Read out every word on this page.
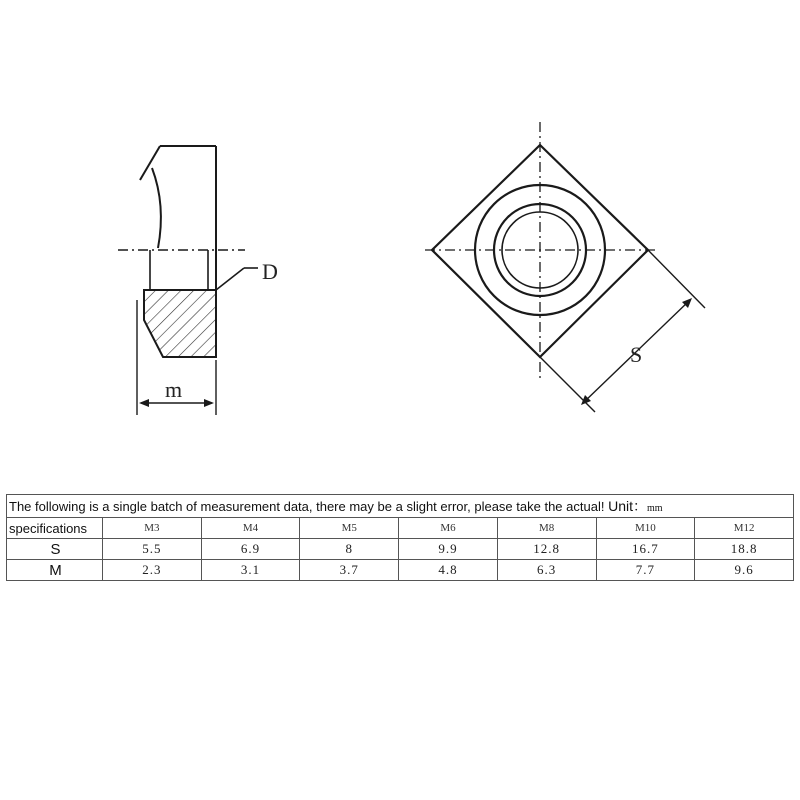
D
m
S
The following is a single batch of measurement data, there may be a slight error, please take the actual! Unit：mm							
specifications	M3	M4	M5	M6	M8	M10	M12
S	5.5	6.9	8	9.9	12.8	16.7	18.8
M	2.3	3.1	3.7	4.8	6.3	7.7	9.6
